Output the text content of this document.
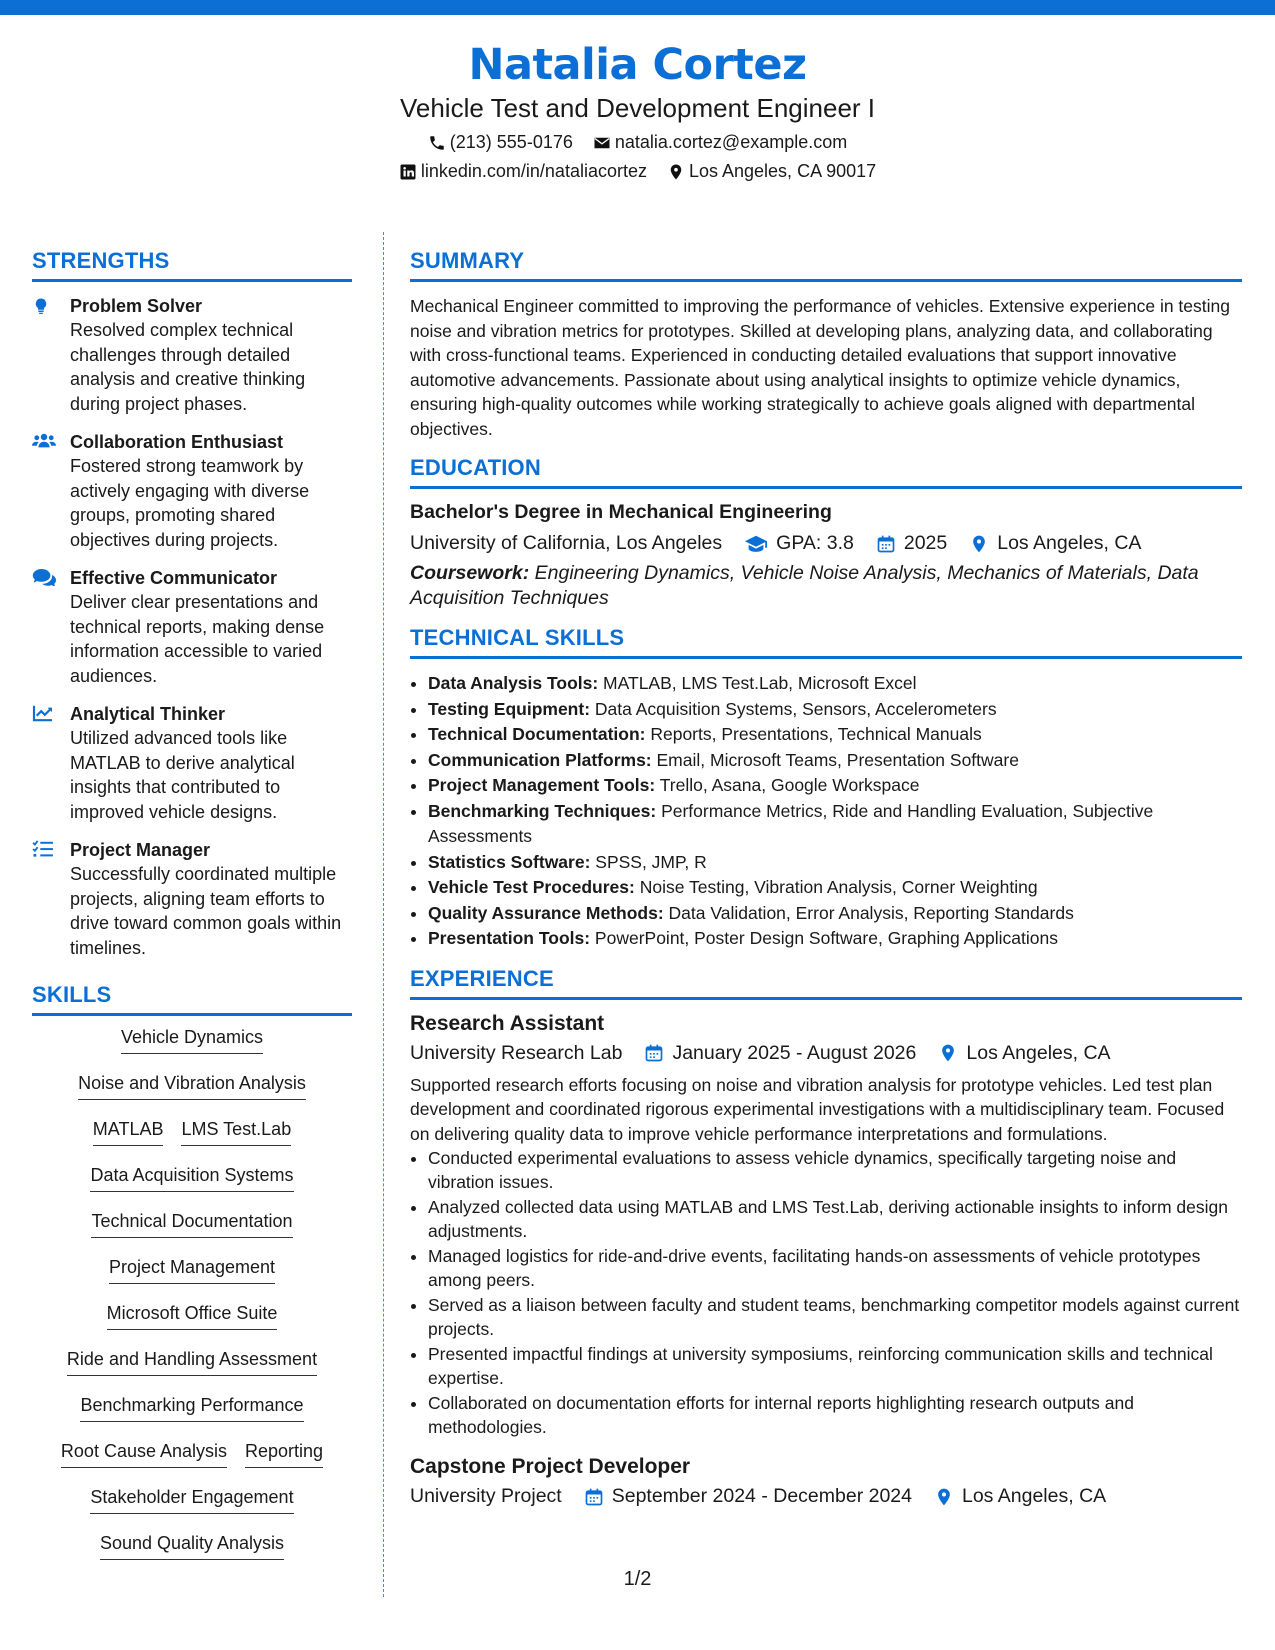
Natalia Cortez
Vehicle Test and Development Engineer I
(213) 555-0176 natalia.cortez@example.com
linkedin.com/in/nataliacortez Los Angeles, CA 90017
STRENGTHS
Problem Solver
Resolved complex technical challenges through detailed analysis and creative thinking during project phases.
Collaboration Enthusiast
Fostered strong teamwork by actively engaging with diverse groups, promoting shared objectives during projects.
Effective Communicator
Deliver clear presentations and technical reports, making dense information accessible to varied audiences.
Analytical Thinker
Utilized advanced tools like MATLAB to derive analytical insights that contributed to improved vehicle designs.
Project Manager
Successfully coordinated multiple projects, aligning team efforts to drive toward common goals within timelines.
SKILLS
Vehicle Dynamics
Noise and Vibration Analysis
MATLAB LMS Test.Lab
Data Acquisition Systems
Technical Documentation
Project Management
Microsoft Office Suite
Ride and Handling Assessment
Benchmarking Performance
Root Cause Analysis Reporting
Stakeholder Engagement
Sound Quality Analysis
SUMMARY
Mechanical Engineer committed to improving the performance of vehicles. Extensive experience in testing noise and vibration metrics for prototypes. Skilled at developing plans, analyzing data, and collaborating with cross-functional teams. Experienced in conducting detailed evaluations that support innovative automotive advancements. Passionate about using analytical insights to optimize vehicle dynamics, ensuring high-quality outcomes while working strategically to achieve goals aligned with departmental objectives.
EDUCATION
Bachelor's Degree in Mechanical Engineering
University of California, Los Angeles	GPA: 3.8	2025	Los Angeles, CA
Coursework: Engineering Dynamics, Vehicle Noise Analysis, Mechanics of Materials, Data Acquisition Techniques
TECHNICAL SKILLS
• Data Analysis Tools: MATLAB, LMS Test.Lab, Microsoft Excel
• Testing Equipment: Data Acquisition Systems, Sensors, Accelerometers
• Technical Documentation: Reports, Presentations, Technical Manuals
• Communication Platforms: Email, Microsoft Teams, Presentation Software
• Project Management Tools: Trello, Asana, Google Workspace
• Benchmarking Techniques: Performance Metrics, Ride and Handling Evaluation, Subjective Assessments
• Statistics Software: SPSS, JMP, R
• Vehicle Test Procedures: Noise Testing, Vibration Analysis, Corner Weighting
• Quality Assurance Methods: Data Validation, Error Analysis, Reporting Standards
• Presentation Tools: PowerPoint, Poster Design Software, Graphing Applications
EXPERIENCE
Research Assistant
University Research Lab	January 2025 - August 2026	Los Angeles, CA
Supported research efforts focusing on noise and vibration analysis for prototype vehicles. Led test plan development and coordinated rigorous experimental investigations with a multidisciplinary team. Focused on delivering quality data to improve vehicle performance interpretations and formulations.
• Conducted experimental evaluations to assess vehicle dynamics, specifically targeting noise and vibration issues.
• Analyzed collected data using MATLAB and LMS Test.Lab, deriving actionable insights to inform design adjustments.
• Managed logistics for ride-and-drive events, facilitating hands-on assessments of vehicle prototypes among peers.
• Served as a liaison between faculty and student teams, benchmarking competitor models against current projects.
• Presented impactful findings at university symposiums, reinforcing communication skills and technical expertise.
• Collaborated on documentation efforts for internal reports highlighting research outputs and methodologies.
Capstone Project Developer
University Project	September 2024 - December 2024	Los Angeles, CA
1/2
